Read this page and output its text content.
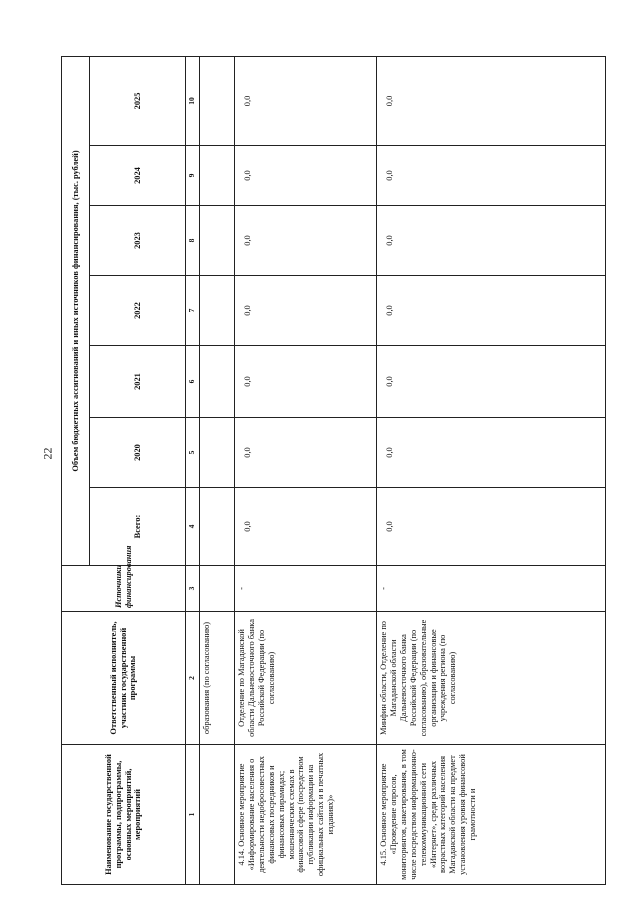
22
Наименование государственной программы, подпрограммы, основных мероприятий, мероприятий	Ответственный исполнитель, участник государственной программы	Источники финансирования	Объем бюджетных ассигнований и иных источников финансирования, (тыс. рублей)						
			Всего:	2020	2021	2022	2023	2024	2025
1	2	3	4	5	6	7	8	9	10
	образования (по согласованию)								
4.14. Основное мероприятие «Информирование населения о деятельности недобросовестных финансовых посредников и финансовых пирамидах; мошеннических схемах в финансовой сфере (посредством публикации информации на официальных сайтах и в печатных изданиях)»	Отделение по Магаданской области Дальневосточного банка Российской Федерации (по согласованию)	-	0,0	0,0	0,0	0,0	0,0	0,0	0,0
4.15. Основное мероприятие «Проведение опросов, мониторингов, анкетирования, в том числе посредством информационно-телекоммуникационной сети «Интернет», среди различных возрастных категорий населения Магаданской области на предмет установления уровня финансовой грамотности и	Минфин области, Отделение по Магаданской области Дальневосточного банка Российской Федерации (по согласованию), образовательные организации и финансовые учреждения региона (по согласованию)	-	0,0	0,0	0,0	0,0	0,0	0,0	0,0
